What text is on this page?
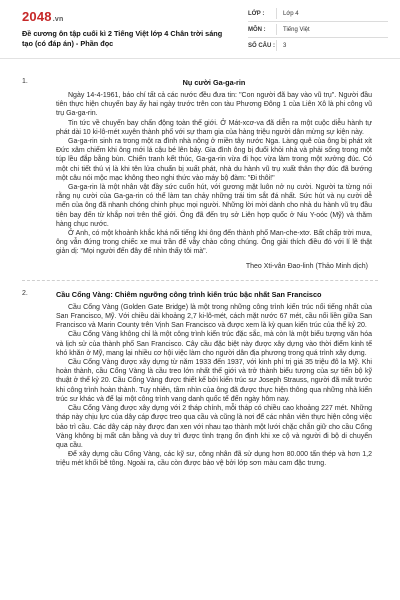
2048.vn
Đề cương ôn tập cuối kì 2 Tiếng Việt lớp 4 Chân trời sáng tạo (có đáp án) - Phần đọc
LỚP :	Lớp 4
MÔN :	Tiếng Việt
SỐ CÂU : 3
1.	Nụ cười Ga-ga-rin

Ngày 14-4-1961, báo chí tất cả các nước đều đưa tin: "Con người đã bay vào vũ trụ". Người đầu tiên thực hiện chuyến bay ấy hai ngày trước trên con tàu Phương Đông 1 của Liên Xô là phi công vũ trụ Ga-ga-rin.

Tin tức về chuyến bay chấn động toàn thế giới. Ở Mát-xcơ-va đã diễn ra một cuộc diễu hành tự phát dài 10 ki-lô-mét xuyên thành phố với sự tham gia của hàng triệu người dân mừng sự kiện này.

Ga-ga-rin sinh ra trong một ra đình nhà nông ở miền tây nước Nga. Làng quê của ông bị phát xít Đức xâm chiếm khi ông mới lá cậu bé lên bảy. Gia đình ông bị đuổi khỏi nhà và phải sống trong một túp lều đắp bằng bùn. Chiến tranh kết thúc, Ga-ga-rin vừa đi học vừa làm trong một xưởng đúc. Có một chi tiết thú vị là khi tên lửa chuẩn bị xuất phát, nhà du hành vũ trụ xuất thân thợ đúc đã bướng một câu nói mộc mạc không theo nghi thức vào máy bộ đàm: "Đi thôi!"

Ga-ga-rin là một nhân vật đầy sức cuốn hút, với gương mặt luôn nở nụ cười. Người ta từng nói rằng nụ cười của Ga-ga-rin có thể làm tan chảy những trái tim sắt đá nhất. Sức hút và nụ cười dễ mến của ông đã nhanh chóng chinh phục mọi người. Những lời mời dành cho nhà du hành vũ trụ đầu tiên bay đến từ khắp nơi trên thế giới. Ông đã đến trụ sở Liên hợp quốc ở Niu Y-oóc (Mỹ) và thăm hàng chục nước.

Ở Anh, có một khoảnh khắc khá nổi tiếng khi ông đến thành phố Man-che-xtơ. Bất chấp trời mưa, ông vẫn đứng trong chiếc xe mui trần để vẫy chào công chúng. Ông giải thích điều đó với lí lẽ thật giản dị: "Mọi người đến đây để nhìn thấy tôi mà".

Theo Xti-vân Đao-linh (Thảo Minh dịch)

2.	Cầu Cổng Vàng: Chiêm ngưỡng công trình kiến trúc bậc nhất San Francisco

Cầu Cổng Vàng (Golden Gate Bridge) là một trong những công trình kiến trúc nổi tiếng nhất của San Francisco, Mỹ. Với chiều dài khoảng 2,7 ki-lô-mét, cách mặt nước 67 mét, cầu nối liền giữa San Francisco và Marin County trên Vịnh San Francisco và được xem là kỳ quan kiến trúc của thế kỷ 20.

Cầu Cổng Vàng không chỉ là một công trình kiến trúc đặc sắc, mà còn là một biểu tượng văn hóa và lịch sử của thành phố San Francisco. Cây cầu đặc biệt này được xây dựng vào thời điểm kinh tế khó khăn ở Mỹ, mang lại nhiều cơ hội việc làm cho người dân địa phương trong quá trình xây dựng.

Cầu Cổng Vàng được xây dựng từ năm 1933 đến 1937, với kinh phí trị giá 35 triệu đô la Mỹ. Khi hoàn thành, cầu Cổng Vàng là cầu treo lớn nhất thế giới và trở thành biểu tượng của sự tiến bộ kỹ thuật ở thế kỷ 20. Cầu Cổng Vàng được thiết kế bởi kiến trúc sư Joseph Strauss, người đã mất trước khi công trình hoàn thành. Tuy nhiên, tầm nhìn của ông đã được thực hiện thông qua những nhà kiến trúc sư khác và để lại một công trình vang danh quốc tế đến ngày hôm nay.

Cầu Cổng Vàng được xây dựng với 2 tháp chính, mỗi tháp có chiều cao khoảng 227 mét. Những tháp này chịu lực của dây cáp được treo qua cầu và cũng là nơi để các nhân viên thực hiện công việc bảo trì cầu. Các dây cáp này được đan xen với nhau tạo thành một lưới chặc chắn giữ cho cầu Cổng Vàng không bị mất cân bằng và duy trì được tình trạng ổn định khi xe cộ và người đi bộ di chuyển qua cầu.

Để xây dựng cầu Cổng Vàng, các kỹ sư, công nhân đã sử dụng hơn 80.000 tấn thép và hơn 1,2 triệu mét khối bê tông. Ngoài ra, cầu còn được bảo vệ bởi lớp sơn màu cam đặc trưng.
